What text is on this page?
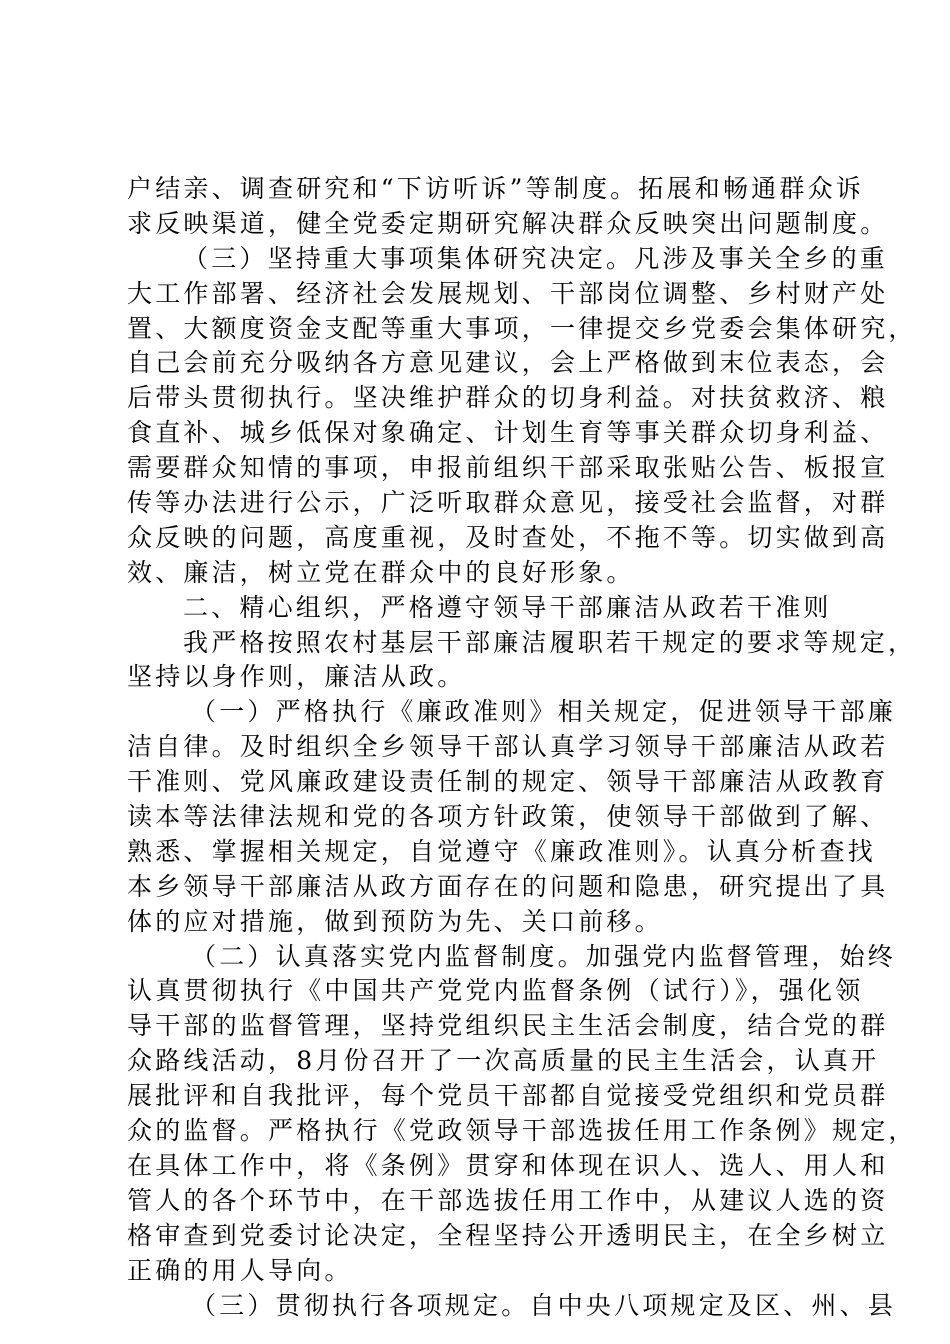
户结亲、调查研究和“下访听诉”等制度。拓展和畅通群众诉
求反映渠道，健全党委定期研究解决群众反映突出问题制度。
（三）坚持重大事项集体研究决定。凡涉及事关全乡的重
大工作部署、经济社会发展规划、干部岗位调整、乡村财产处
置、大额度资金支配等重大事项，一律提交乡党委会集体研究，
自己会前充分吸纳各方意见建议，会上严格做到末位表态，会
后带头贯彻执行。坚决维护群众的切身利益。对扶贫救济、粮
食直补、城乡低保对象确定、计划生育等事关群众切身利益、
需要群众知情的事项，申报前组织干部采取张贴公告、板报宣
传等办法进行公示，广泛听取群众意见，接受社会监督，对群
众反映的问题，高度重视，及时查处，不拖不等。切实做到高
效、廉洁，树立党在群众中的良好形象。
二、精心组织，严格遵守领导干部廉洁从政若干准则
我严格按照农村基层干部廉洁履职若干规定的要求等规定，
坚持以身作则，廉洁从政。
（一）严格执行《廉政准则》相关规定，促进领导干部廉
洁自律。及时组织全乡领导干部认真学习领导干部廉洁从政若
干准则、党风廉政建设责任制的规定、领导干部廉洁从政教育
读本等法律法规和党的各项方针政策，使领导干部做到了解、
熟悉、掌握相关规定，自觉遵守《廉政准则》。认真分析查找
本乡领导干部廉洁从政方面存在的问题和隐患，研究提出了具
体的应对措施，做到预防为先、关口前移。
（二）认真落实党内监督制度。加强党内监督管理，始终
认真贯彻执行《中国共产党党内监督条例（试行）》，强化领
导干部的监督管理，坚持党组织民主生活会制度，结合党的群
众路线活动，8月份召开了一次高质量的民主生活会，认真开
展批评和自我批评，每个党员干部都自觉接受党组织和党员群
众的监督。严格执行《党政领导干部选拔任用工作条例》规定，
在具体工作中，将《条例》贯穿和体现在识人、选人、用人和
管人的各个环节中，在干部选拔任用工作中，从建议人选的资
格审查到党委讨论决定，全程坚持公开透明民主，在全乡树立
正确的用人导向。
（三）贯彻执行各项规定。自中央八项规定及区、州、县
